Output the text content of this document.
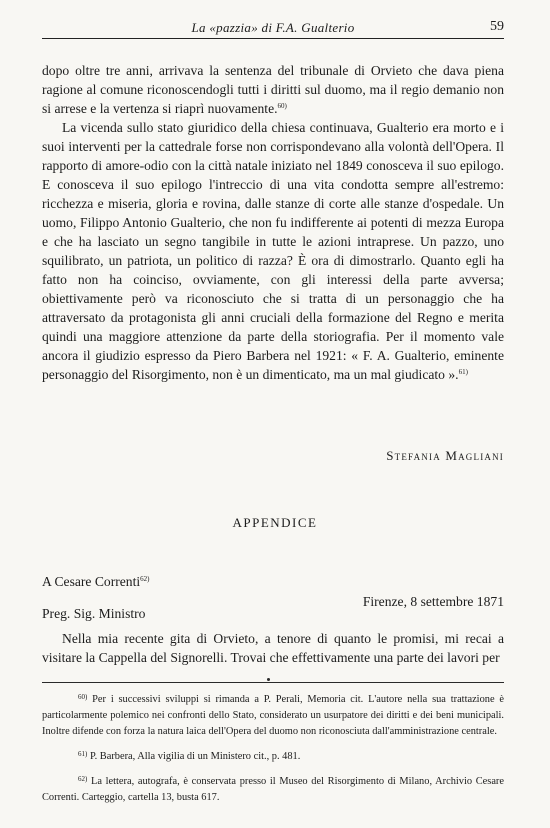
La «pazzia» di F.A. Gualterio	59

dopo oltre tre anni, arrivava la sentenza del tribunale di Orvieto che dava piena ragione al comune riconoscendogli tutti i diritti sul duomo, ma il regio demanio non si arrese e la vertenza si riaprì nuovamente.$^{60)}$

La vicenda sullo stato giuridico della chiesa continuava, Gualterio era morto e i suoi interventi per la cattedrale forse non corrispondevano alla volontà dell'Opera. Il rapporto di amore-odio con la città natale iniziato nel 1849 conosceva il suo epilogo. E conosceva il suo epilogo l'intreccio di una vita condotta sempre all'estremo: ricchezza e miseria, gloria e rovina, dalle stanze di corte alle stanze d'ospedale. Un uomo, Filippo Antonio Gualterio, che non fu indifferente ai potenti di mezza Europa e che ha lasciato un segno tangibile in tutte le azioni intraprese. Un pazzo, uno squilibrato, un patriota, un politico di razza? È ora di dimostrarlo. Quanto egli ha fatto non ha coinciso, ovviamente, con gli interessi della parte avversa; obiettivamente però va riconosciuto che si tratta di un personaggio che ha attraversato da protagonista gli anni cruciali della formazione del Regno e merita quindi una maggiore attenzione da parte della storiografia. Per il momento vale ancora il giudizio espresso da Piero Barbera nel 1921: « F. A. Gualterio, eminente personaggio del Risorgimento, non è un dimenticato, ma un mal giudicato ».$^{61)}$

Stefania Magliani
APPENDICE
A Cesare Correnti$^{62)}$
Firenze, 8 settembre 1871
Preg. Sig. Ministro

Nella mia recente gita di Orvieto, a tenore di quanto le promisi, mi recai a visitare la Cappella del Signorelli. Trovai che effettivamente una parte dei lavori per

$^{60)}$ Per i successivi sviluppi si rimanda a P. Perali, Memoria cit. L'autore nella sua trattazione è particolarmente polemico nei confronti dello Stato, considerato un usurpatore dei diritti e dei beni municipali. Inoltre difende con forza la natura laica dell'Opera del duomo non riconosciuta dall'amministrazione centrale.

$^{61)}$ P. Barbera, Alla vigilia di un Ministero cit., p. 481.

$^{62)}$ La lettera, autografa, è conservata presso il Museo del Risorgimento di Milano, Archivio Cesare Correnti. Carteggio, cartella 13, busta 617.
